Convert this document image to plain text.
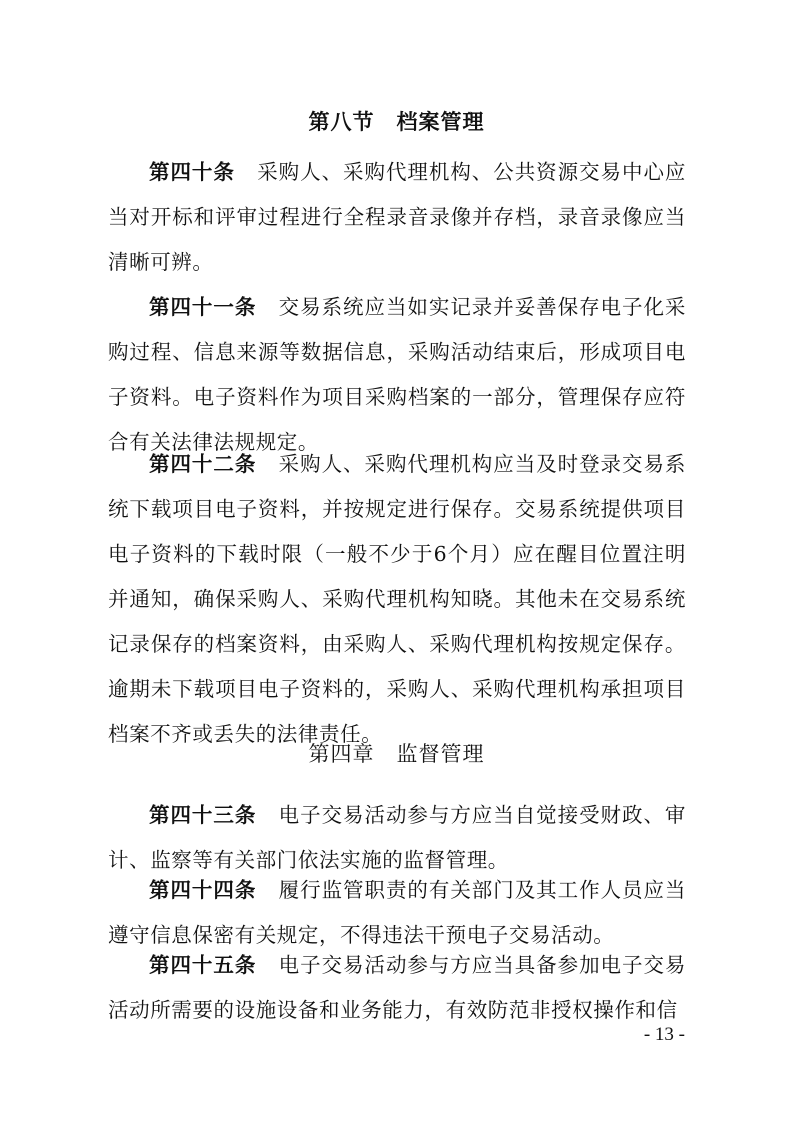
第八节　档案管理
第四十条 采购人、采购代理机构、公共资源交易中心应当对开标和评审过程进行全程录音录像并存档，录音录像应当清晰可辨。
第四十一条 交易系统应当如实记录并妥善保存电子化采购过程、信息来源等数据信息，采购活动结束后，形成项目电子资料。电子资料作为项目采购档案的一部分，管理保存应符合有关法律法规规定。
第四十二条 采购人、采购代理机构应当及时登录交易系统下载项目电子资料，并按规定进行保存。交易系统提供项目电子资料的下载时限（一般不少于6个月）应在醒目位置注明并通知，确保采购人、采购代理机构知晓。其他未在交易系统记录保存的档案资料，由采购人、采购代理机构按规定保存。逾期未下载项目电子资料的，采购人、采购代理机构承担项目档案不齐或丢失的法律责任。
第四章　监督管理
第四十三条 电子交易活动参与方应当自觉接受财政、审计、监察等有关部门依法实施的监督管理。
第四十四条 履行监管职责的有关部门及其工作人员应当遵守信息保密有关规定，不得违法干预电子交易活动。
第四十五条 电子交易活动参与方应当具备参加电子交易活动所需要的设施设备和业务能力，有效防范非授权操作和信
- 13 -
